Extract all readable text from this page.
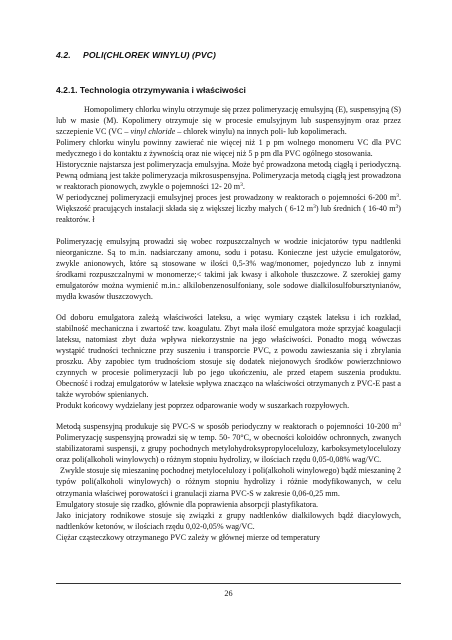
4.2. POLI(CHLOREK WINYLU) (PVC)
4.2.1. Technologia otrzymywania i właściwości

Homopolimery chlorku winylu otrzymuje się przez polimeryzację emulsyjną (E), suspensyjną (S) lub w masie (M). Kopolimery otrzymuje się w procesie emulsyjnym lub suspensyjnym oraz przez szczepienie VC (VC – vinyl chloride – chlorek winylu) na innych poli- lub kopolimerach.

Polimery chlorku winylu powinny zawierać nie więcej niż 1 p pm wolnego monomeru VC dla PVC medycznego i do kontaktu z żywnością oraz nie więcej niż 5 p pm dla PVC ogólnego stosowania.

Historycznie najstarsza jest polimeryzacja emulsyjna. Może być prowadzona metodą ciągłą i periodyczną. Pewną odmianą jest także polimeryzacja mikrosuspensyjna. Polimeryzacja metodą ciągłą jest prowadzona w reaktorach pionowych, zwykle o pojemności 12- 20 $m^3$.

W periodycznej polimeryzacji emulsyjnej proces jest prowadzony w reaktorach o pojemności 6-200 $m^3$. Większość pracujących instalacji składa się z większej liczby małych ( 6-12 $m^3$) lub średnich ( 16-40 $m^3$) reaktorów. ł

Polimeryzację emulsyjną prowadzi się wobec rozpuszczalnych w wodzie inicjatorów typu nadtlenki nieorganiczne. Są to m.in. nadsiarczany amonu, sodu i potasu. Konieczne jest użycie emulgatorów, zwykle anionowych, które są stosowane w ilości 0,5-3% wag/monomer, pojedynczo lub z innymi środkami rozpuszczalnymi w monomerze;< takimi jak kwasy i alkohole tłuszczowe. Z szerokiej gamy emulgatorów można wymienić m.in.: alkilobenzenosulfoniany, sole sodowe dialkilosulfobursztynianów, mydła kwasów tłuszczowych.

Od doboru emulgatora zależą właściwości lateksu, a więc wymiary cząstek lateksu i ich rozkład, stabilność mechaniczna i zwartość tzw. koagulatu. Zbyt mała ilość emulgatora może sprzyjać koagulacji lateksu, natomiast zbyt duża wpływa niekorzystnie na jego właściwości. Ponadto mogą wówczas wystąpić trudności techniczne przy suszeniu i transporcie PVC, z powodu zawieszania się i zbrylania proszku. Aby zapobiec tym trudnościom stosuje się dodatek niejonowych środków powierzchniowo czynnych w procesie polimeryzacji lub po jego ukończeniu, ale przed etapem suszenia produktu. Obecność i rodzaj emulgatorów w lateksie wpływa znacząco na właściwości otrzymanych z PVC-E past a także wyrobów spienianych.

Produkt końcowy wydzielany jest poprzez odparowanie wody w suszarkach rozpyłowych.

Metodą suspensyjną produkuje się PVC-S w sposób periodyczny w reaktorach o pojemności 10-200 $m^3$ Polimeryzację suspensyjną prowadzi się w temp. 50- 70°C, w obecności koloidów ochronnych, zwanych stabilizatorami suspensji, z grupy pochodnych metylohydroksypropylocelulozy, karboksymetylocelulozy oraz poli(alkoholi winylowych) o różnym stopniu hydrolizy, w ilościach rzędu 0,05-0,08% wag/VC.

Zwykle stosuje się mieszaninę pochodnej metylocelulozy i poli(alkoholi winylowego) bądź mieszaninę 2 typów poli(alkoholi winylowych) o różnym stopniu hydrolizy i różnie modyfikowanych, w celu otrzymania właściwej porowatości i granulacji ziarna PVC-S w zakresie 0,06-0,25 mm.

Emulgatory stosuje się rzadko, głównie dla poprawienia absorpcji plastyfikatora.

Jako inicjatory rodnikowe stosuje się związki z grupy nadtlenków dialkilowych bądź diacylowych, nadtlenków ketonów, w ilościach rzędu 0,02-0,05% wag/VC.

Ciężar cząsteczkowy otrzymanego PVC zależy w głównej mierze od temperatury

26
